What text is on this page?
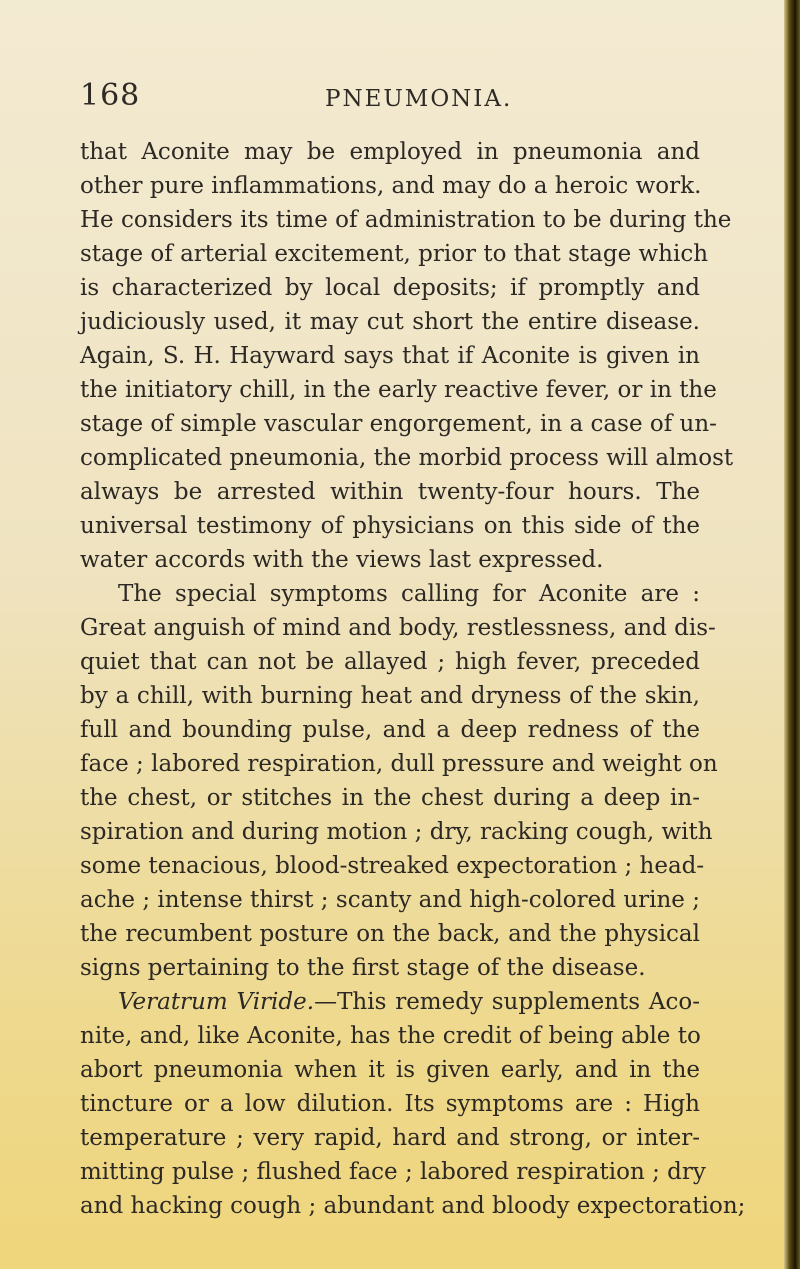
168	PNEUMONIA.
that Aconite may be employed in pneumonia and
other pure inflammations, and may do a heroic work.
He considers its time of administration to be during the
stage of arterial excitement, prior to that stage which
is characterized by local deposits; if promptly and
judiciously used, it may cut short the entire disease.
Again, S. H. Hayward says that if Aconite is given in
the initiatory chill, in the early reactive fever, or in the
stage of simple vascular engorgement, in a case of un-
complicated pneumonia, the morbid process will almost
always be arrested within twenty-four hours. The
universal testimony of physicians on this side of the
water accords with the views last expressed.
The special symptoms calling for Aconite are :
Great anguish of mind and body, restlessness, and dis-
quiet that can not be allayed ; high fever, preceded
by a chill, with burning heat and dryness of the skin,
full and bounding pulse, and a deep redness of the
face ; labored respiration, dull pressure and weight on
the chest, or stitches in the chest during a deep in-
spiration and during motion ; dry, racking cough, with
some tenacious, blood-streaked expectoration ; head-
ache ; intense thirst ; scanty and high-colored urine ;
the recumbent posture on the back, and the physical
signs pertaining to the first stage of the disease.
Veratrum Viride.—This remedy supplements Aco-
nite, and, like Aconite, has the credit of being able to
abort pneumonia when it is given early, and in the
tincture or a low dilution. Its symptoms are : High
temperature ; very rapid, hard and strong, or inter-
mitting pulse ; flushed face ; labored respiration ; dry
and hacking cough ; abundant and bloody expectoration;
